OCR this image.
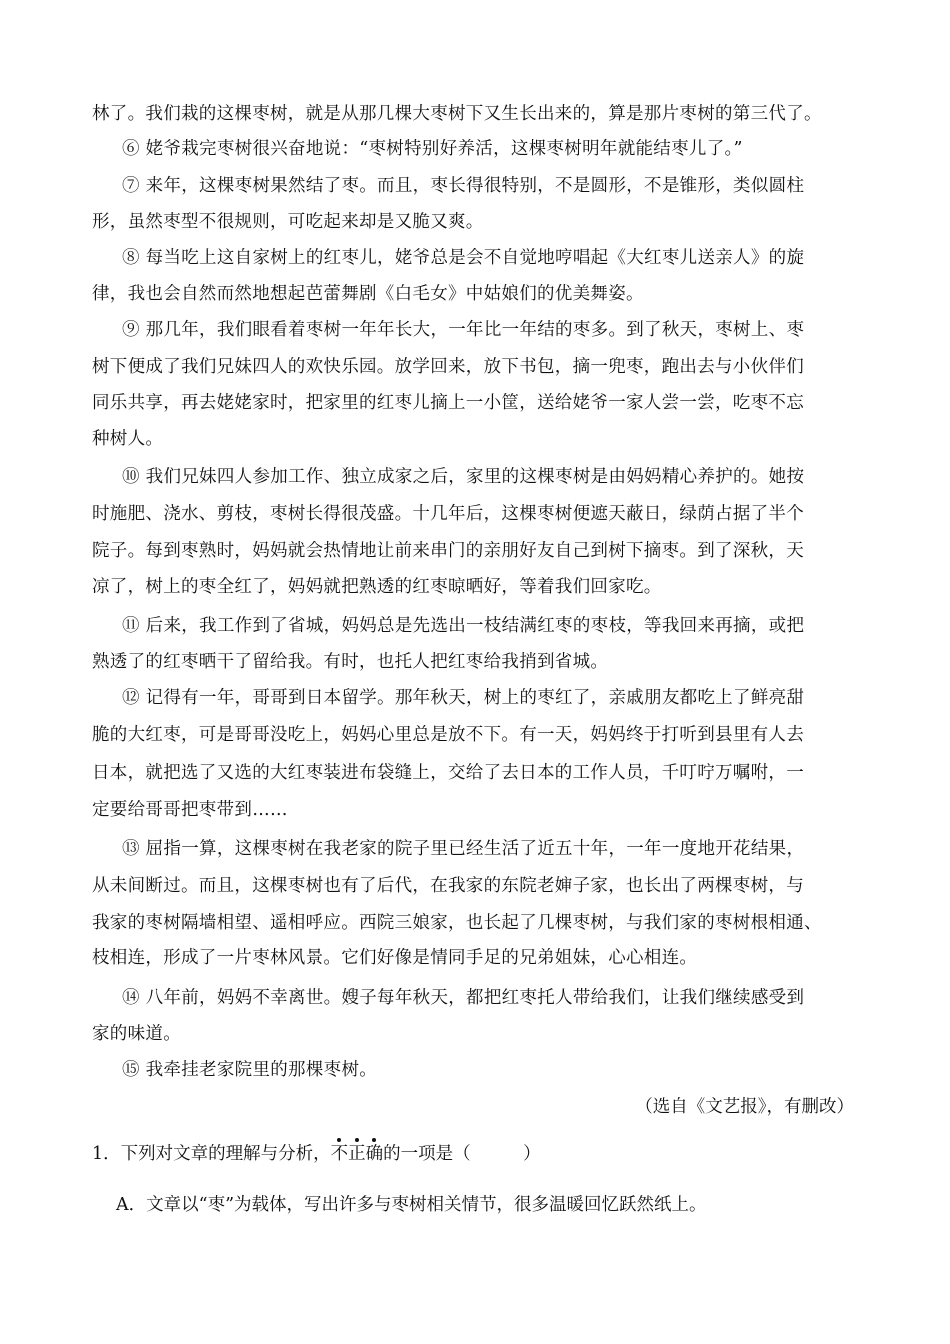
林了。我们栽的这棵枣树，就是从那几棵大枣树下又生长出来的，算是那片枣树的第三代了。
⑥ 姥爷栽完枣树很兴奋地说：“枣树特别好养活，这棵枣树明年就能结枣儿了。”
⑦ 来年，这棵枣树果然结了枣。而且，枣长得很特别，不是圆形，不是锥形，类似圆柱
形，虽然枣型不很规则，可吃起来却是又脆又爽。
⑧ 每当吃上这自家树上的红枣儿，姥爷总是会不自觉地哼唱起《大红枣儿送亲人》的旋
律，我也会自然而然地想起芭蕾舞剧《白毛女》中姑娘们的优美舞姿。
⑨ 那几年，我们眼看着枣树一年年长大，一年比一年结的枣多。到了秋天，枣树上、枣
树下便成了我们兄妹四人的欢快乐园。放学回来，放下书包，摘一兜枣，跑出去与小伙伴们
同乐共享，再去姥姥家时，把家里的红枣儿摘上一小筐，送给姥爷一家人尝一尝，吃枣不忘
种树人。
⑩ 我们兄妹四人参加工作、独立成家之后，家里的这棵枣树是由妈妈精心养护的。她按
时施肥、浇水、剪枝，枣树长得很茂盛。十几年后，这棵枣树便遮天蔽日，绿荫占据了半个
院子。每到枣熟时，妈妈就会热情地让前来串门的亲朋好友自己到树下摘枣。到了深秋，天
凉了，树上的枣全红了，妈妈就把熟透的红枣晾晒好，等着我们回家吃。
⑪ 后来，我工作到了省城，妈妈总是先选出一枝结满红枣的枣枝，等我回来再摘，或把
熟透了的红枣晒干了留给我。有时，也托人把红枣给我捎到省城。
⑫ 记得有一年，哥哥到日本留学。那年秋天，树上的枣红了，亲戚朋友都吃上了鲜亮甜
脆的大红枣，可是哥哥没吃上，妈妈心里总是放不下。有一天，妈妈终于打听到县里有人去
日本，就把选了又选的大红枣装进布袋缝上，交给了去日本的工作人员，千叮咛万嘱咐，一
定要给哥哥把枣带到……
⑬ 屈指一算，这棵枣树在我老家的院子里已经生活了近五十年，一年一度地开花结果，
从未间断过。而且，这棵枣树也有了后代，在我家的东院老婶子家，也长出了两棵枣树，与
我家的枣树隔墙相望、遥相呼应。西院三娘家，也长起了几棵枣树，与我们家的枣树根相通、
枝相连，形成了一片枣林风景。它们好像是情同手足的兄弟姐妹，心心相连。
⑭ 八年前，妈妈不幸离世。嫂子每年秋天，都把红枣托人带给我们，让我们继续感受到
家的味道。
⑮ 我牵挂老家院里的那棵枣树。
（选自《文艺报》，有删改）
1．下列对文章的理解与分析，不正确的一项是（　　　）
A．文章以“枣”为载体，写出许多与枣树相关情节，很多温暖回忆跃然纸上。
